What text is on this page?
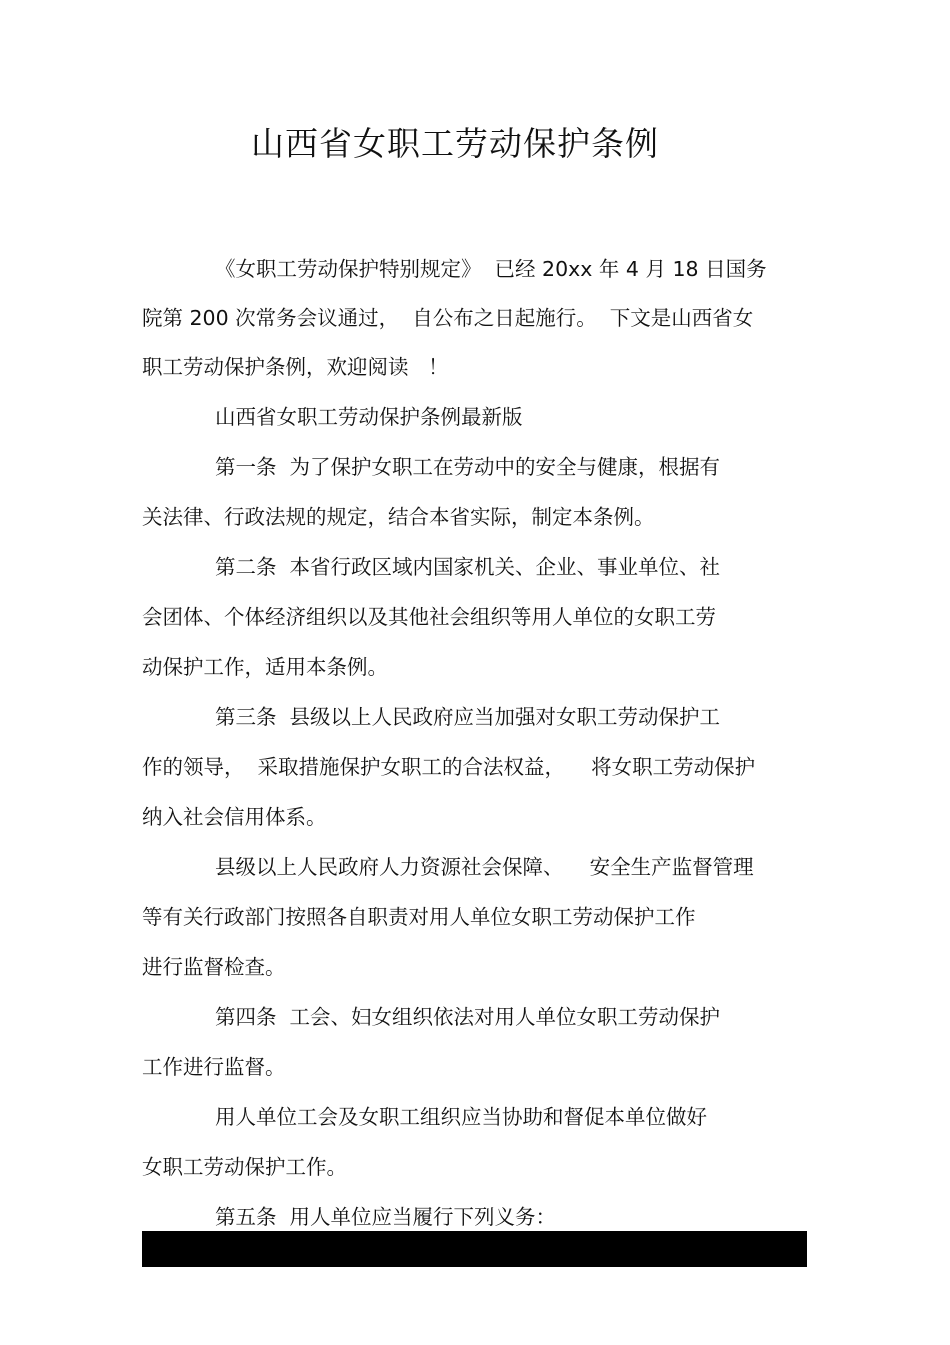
山西省女职工劳动保护条例
《女职工劳动保护特别规定》  已经 20xx 年 4 月 18 日国务
院第 200 次常务会议通过，  自公布之日起施行。  下文是山西省女
职工劳动保护条例，欢迎阅读   ！
山西省女职工劳动保护条例最新版
第一条  为了保护女职工在劳动中的安全与健康，根据有
关法律、行政法规的规定，结合本省实际，制定本条例。
第二条  本省行政区域内国家机关、企业、事业单位、社
会团体、个体经济组织以及其他社会组织等用人单位的女职工劳
动保护工作，适用本条例。
第三条  县级以上人民政府应当加强对女职工劳动保护工
作的领导，  采取措施保护女职工的合法权益，    将女职工劳动保护
纳入社会信用体系。
县级以上人民政府人力资源社会保障、    安全生产监督管理
等有关行政部门按照各自职责对用人单位女职工劳动保护工作
进行监督检查。
第四条  工会、妇女组织依法对用人单位女职工劳动保护
工作进行监督。
用人单位工会及女职工组织应当协助和督促本单位做好
女职工劳动保护工作。
第五条  用人单位应当履行下列义务：
